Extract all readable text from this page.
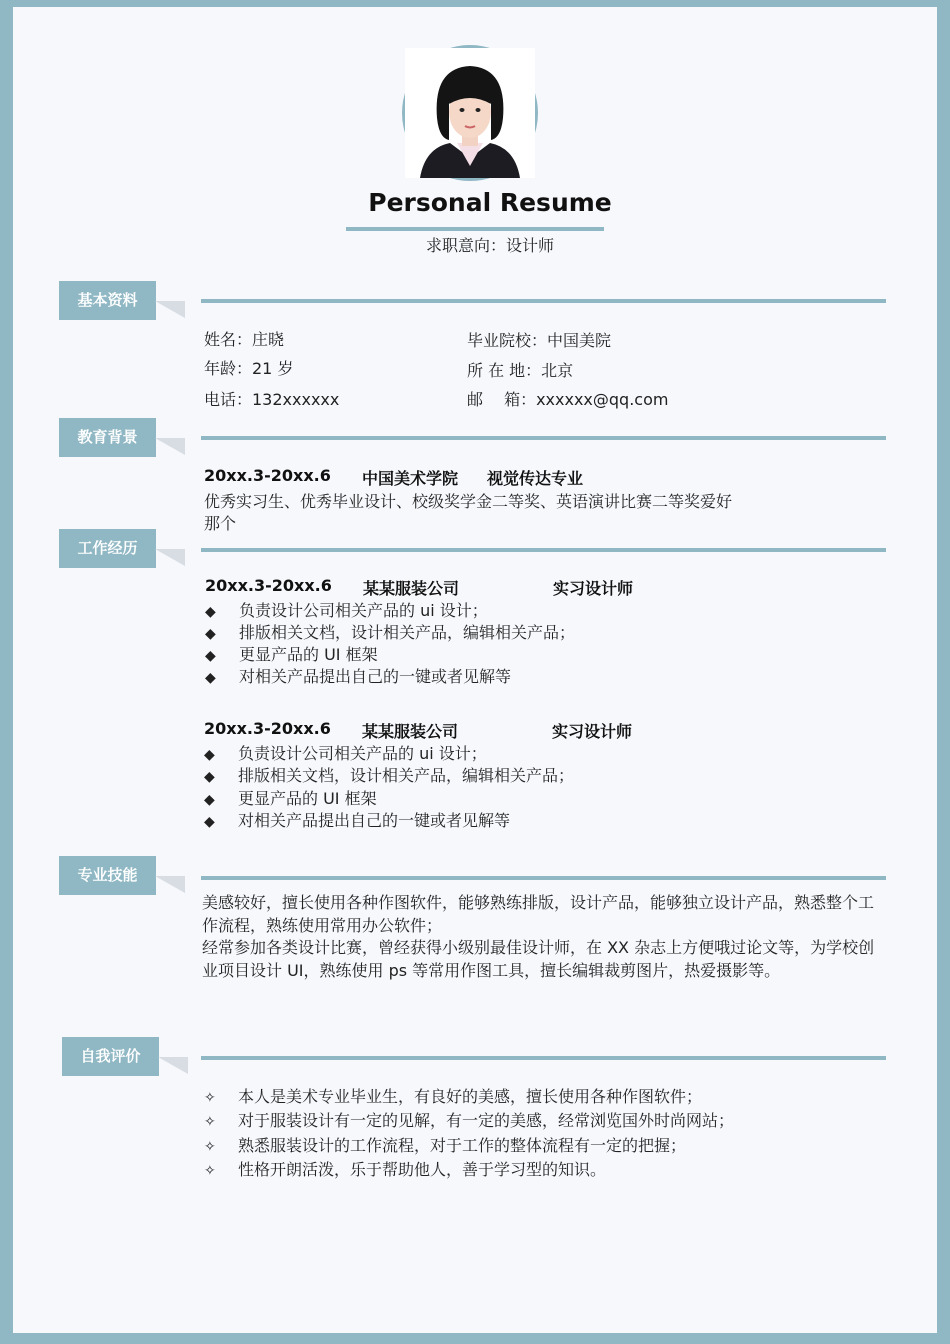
Personal Resume
求职意向：设计师
基本资料
姓名：庄晓
年龄：21 岁
电话：132xxxxxx
毕业院校：中国美院
所 在 地：北京
邮　 箱：xxxxxx@qq.com
教育背景
20xx.3-20xx.6 中国美术学院 视觉传达专业
优秀实习生、优秀毕业设计、校级奖学金二等奖、英语演讲比赛二等奖爱好
那个
工作经历
20xx.3-20xx.6 某某服装公司	实习设计师
◆ 负责设计公司相关产品的 ui 设计；
◆ 排版相关文档，设计相关产品，编辑相关产品；
◆ 更显产品的 UI 框架
◆ 对相关产品提出自己的一键或者见解等
20xx.3-20xx.6 某某服装公司	实习设计师
◆ 负责设计公司相关产品的 ui 设计；
◆ 排版相关文档，设计相关产品，编辑相关产品；
◆ 更显产品的 UI 框架
◆ 对相关产品提出自己的一键或者见解等
专业技能
美感较好，擅长使用各种作图软件，能够熟练排版，设计产品，能够独立设计产品，熟悉整个工作流程，熟练使用常用办公软件；
经常参加各类设计比赛，曾经获得小级别最佳设计师，在 XX 杂志上方便哦过论文等，为学校创业项目设计 UI，熟练使用 ps 等常用作图工具，擅长编辑裁剪图片，热爱摄影等。
自我评价
✧ 本人是美术专业毕业生，有良好的美感，擅长使用各种作图软件；
✧ 对于服装设计有一定的见解，有一定的美感，经常浏览国外时尚网站；
✧ 熟悉服装设计的工作流程，对于工作的整体流程有一定的把握；
✧ 性格开朗活泼，乐于帮助他人，善于学习型的知识。
